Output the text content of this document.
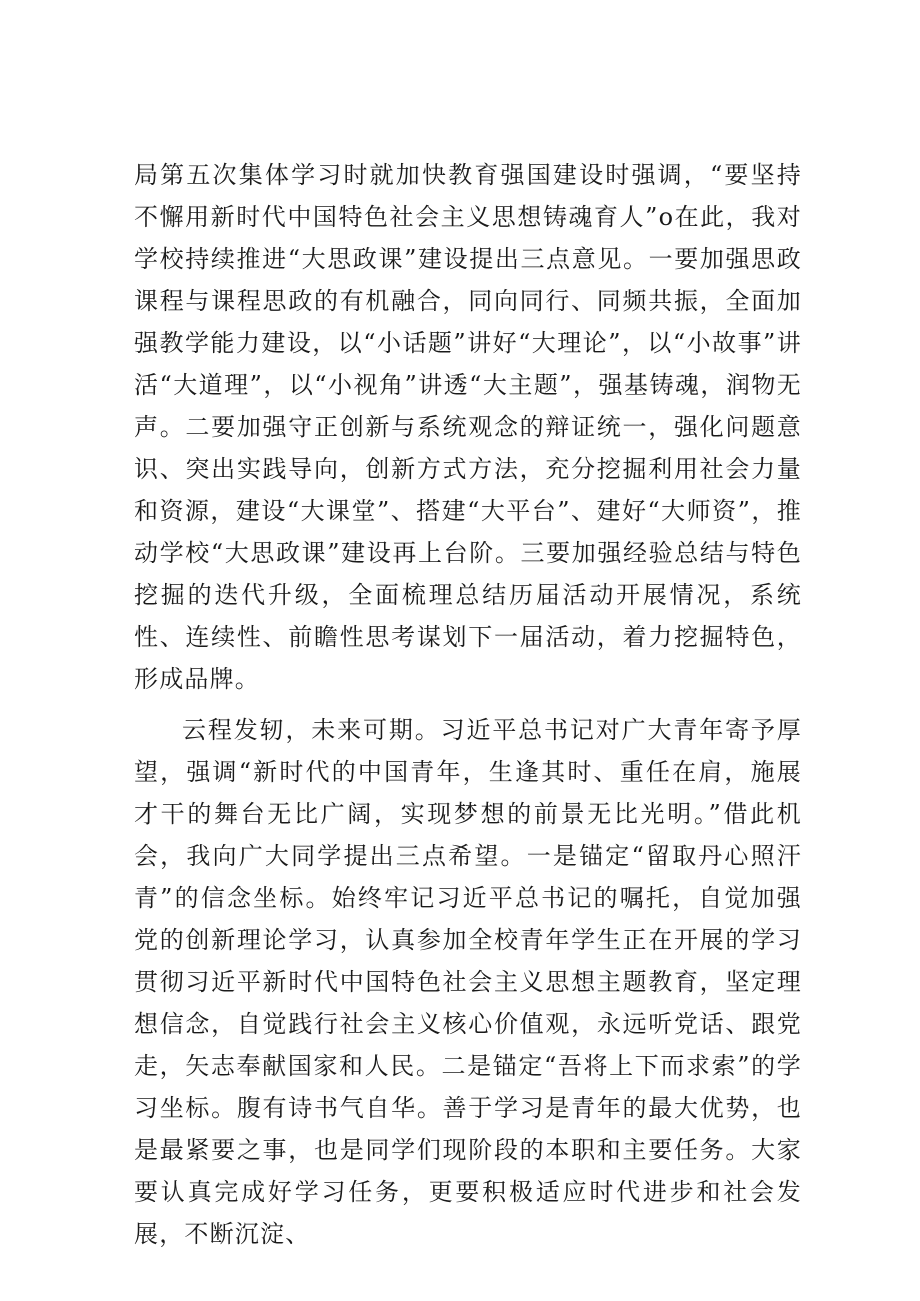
局第五次集体学习时就加快教育强国建设时强调，“要坚持不懈用新时代中国特色社会主义思想铸魂育人”o在此，我对学校持续推进“大思政课”建设提出三点意见。一要加强思政课程与课程思政的有机融合，同向同行、同频共振，全面加强教学能力建设，以“小话题”讲好“大理论”，以“小故事”讲活“大道理”，以“小视角”讲透“大主题”，强基铸魂，润物无声。二要加强守正创新与系统观念的辩证统一，强化问题意识、突出实践导向，创新方式方法，充分挖掘利用社会力量和资源，建设“大课堂”、搭建“大平台”、建好“大师资”，推动学校“大思政课”建设再上台阶。三要加强经验总结与特色挖掘的迭代升级，全面梳理总结历届活动开展情况，系统性、连续性、前瞻性思考谋划下一届活动，着力挖掘特色，形成品牌。

云程发轫，未来可期。习近平总书记对广大青年寄予厚望，强调“新时代的中国青年，生逢其时、重任在肩，施展才干的舞台无比广阔，实现梦想的前景无比光明。”借此机会，我向广大同学提出三点希望。一是锚定“留取丹心照汗青”的信念坐标。始终牢记习近平总书记的嘱托，自觉加强党的创新理论学习，认真参加全校青年学生正在开展的学习贯彻习近平新时代中国特色社会主义思想主题教育，坚定理想信念，自觉践行社会主义核心价值观，永远听党话、跟党走，矢志奉献国家和人民。二是锚定“吾将上下而求索”的学习坐标。腹有诗书气自华。善于学习是青年的最大优势，也是最紧要之事，也是同学们现阶段的本职和主要任务。大家要认真完成好学习任务，更要积极适应时代进步和社会发展，不断沉淀、
